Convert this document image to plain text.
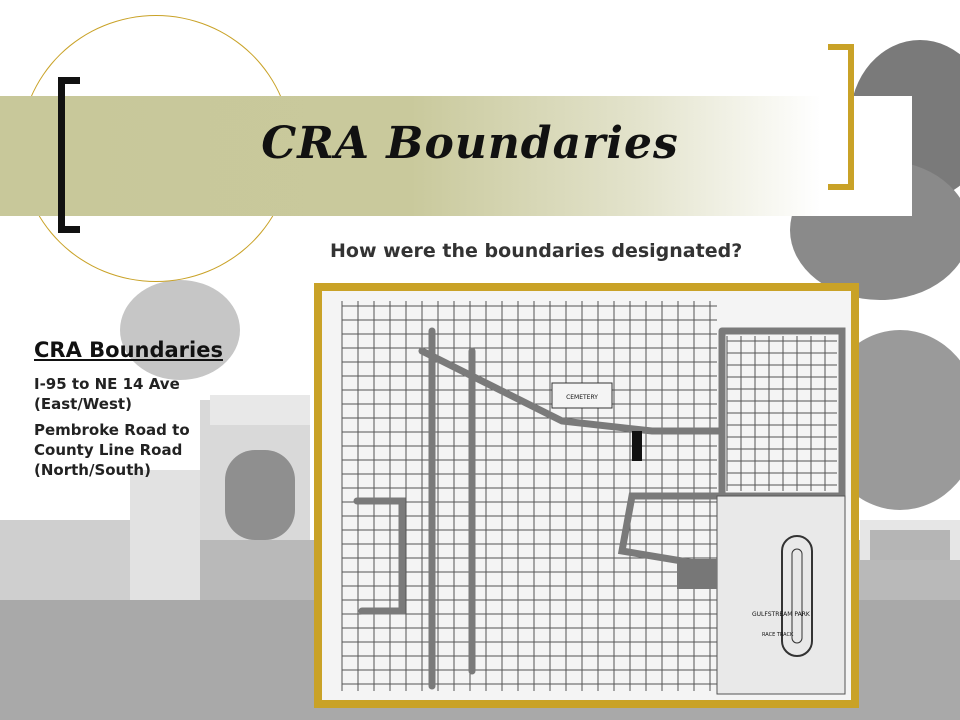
CRA Boundaries
How were the boundaries designated?
CRA Boundaries
I-95 to NE 14 Ave
(East/West)
Pembroke Road to
County Line Road
(North/South)
CEMETERY
GULFSTREAM PARK
RACE TRACK
